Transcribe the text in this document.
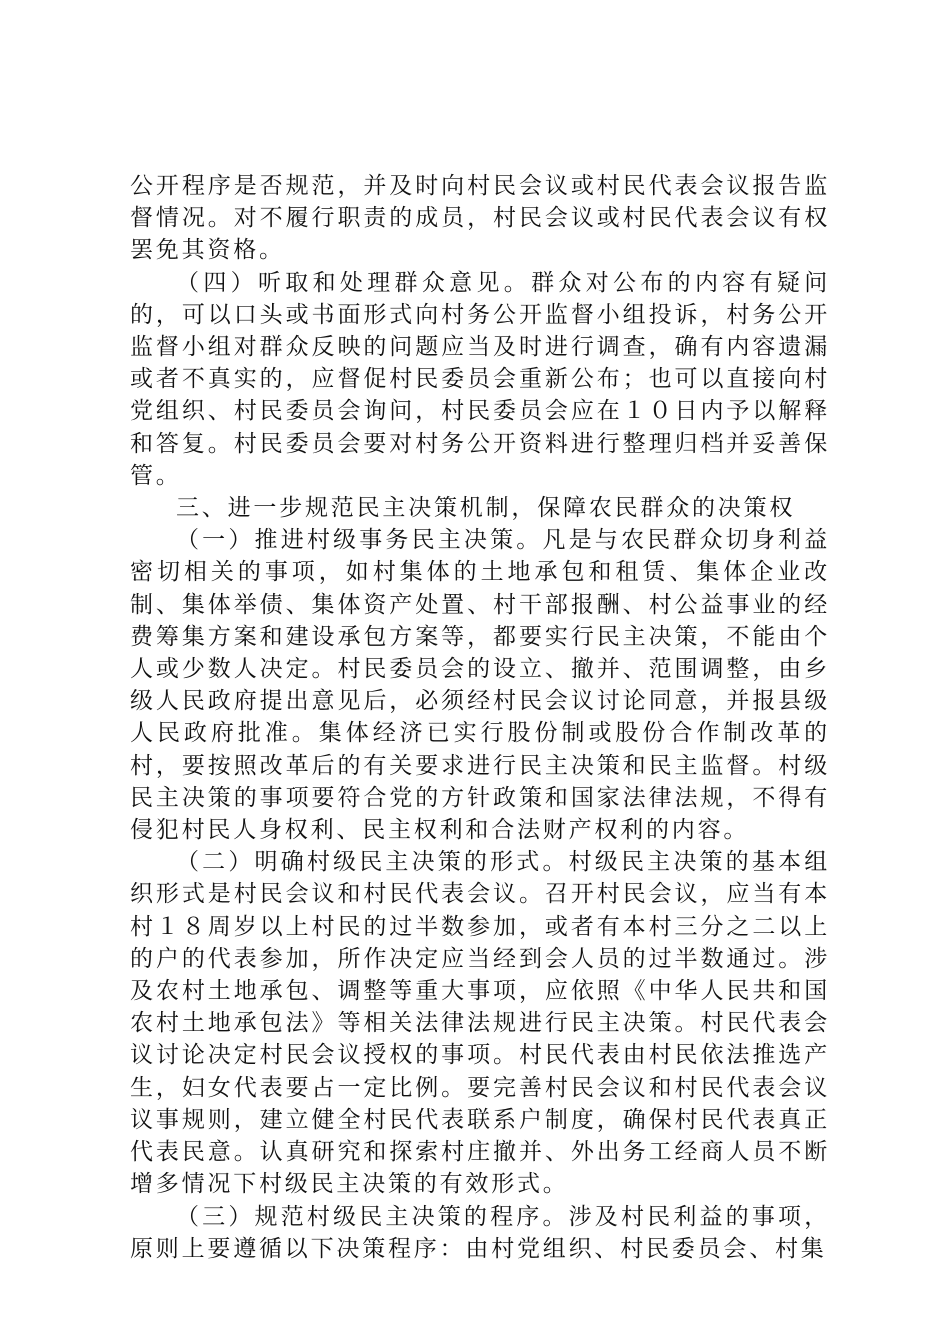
公开程序是否规范，并及时向村民会议或村民代表会议报告监督情况。对不履行职责的成员，村民会议或村民代表会议有权罢免其资格。

（四）听取和处理群众意见。群众对公布的内容有疑问的，可以口头或书面形式向村务公开监督小组投诉，村务公开监督小组对群众反映的问题应当及时进行调查，确有内容遗漏或者不真实的，应督促村民委员会重新公布；也可以直接向村党组织、村民委员会询问，村民委员会应在１０日内予以解释和答复。村民委员会要对村务公开资料进行整理归档并妥善保管。

三、进一步规范民主决策机制，保障农民群众的决策权

（一）推进村级事务民主决策。凡是与农民群众切身利益密切相关的事项，如村集体的土地承包和租赁、集体企业改制、集体举债、集体资产处置、村干部报酬、村公益事业的经费筹集方案和建设承包方案等，都要实行民主决策，不能由个人或少数人决定。村民委员会的设立、撤并、范围调整，由乡级人民政府提出意见后，必须经村民会议讨论同意，并报县级人民政府批准。集体经济已实行股份制或股份合作制改革的村，要按照改革后的有关要求进行民主决策和民主监督。村级民主决策的事项要符合党的方针政策和国家法律法规，不得有侵犯村民人身权利、民主权利和合法财产权利的内容。

（二）明确村级民主决策的形式。村级民主决策的基本组织形式是村民会议和村民代表会议。召开村民会议，应当有本村１８周岁以上村民的过半数参加，或者有本村三分之二以上的户的代表参加，所作决定应当经到会人员的过半数通过。涉及农村土地承包、调整等重大事项，应依照《中华人民共和国农村土地承包法》等相关法律法规进行民主决策。村民代表会议讨论决定村民会议授权的事项。村民代表由村民依法推选产生，妇女代表要占一定比例。要完善村民会议和村民代表会议议事规则，建立健全村民代表联系户制度，确保村民代表真正代表民意。认真研究和探索村庄撤并、外出务工经商人员不断增多情况下村级民主决策的有效形式。

（三）规范村级民主决策的程序。涉及村民利益的事项，原则上要遵循以下决策程序：由村党组织、村民委员会、村集
